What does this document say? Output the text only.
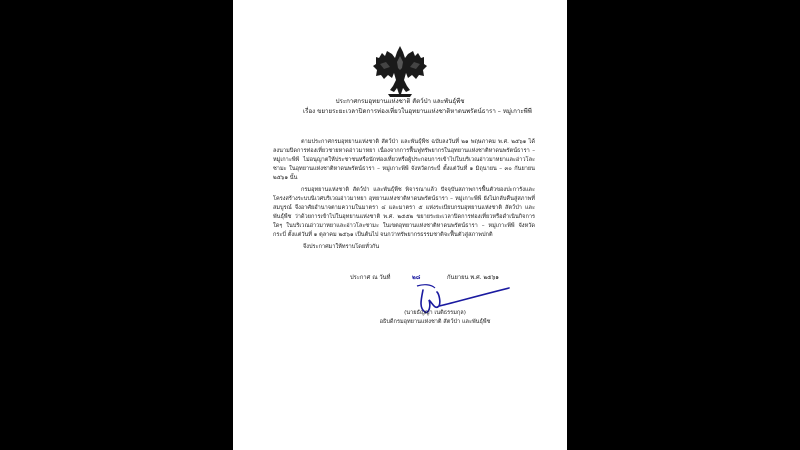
ประกาศกรมอุทยานแห่งชาติ สัตว์ป่า และพันธุ์พืช
เรื่อง ขยายระยะเวลาปิดการท่องเที่ยวในอุทยานแห่งชาติหาดนพรัตน์ธารา – หมู่เกาะพีพี

ตามประกาศกรมอุทยานแห่งชาติ สัตว์ป่า และพันธุ์พืช ฉบับลงวันที่ ๒๑ พฤษภาคม พ.ศ. ๒๕๖๑ ได้ลงนามปิดการท่องเที่ยวชายหาดอ่าวมาหยา เนื่องจากการฟื้นฟูทรัพยากรในอุทยานแห่งชาติหาดนพรัตน์ธารา – หมู่เกาะพีพี ไม่อนุญาตให้ประชาชนหรือนักท่องเที่ยวหรือผู้ประกอบการเข้าไปในบริเวณอ่าวมาหยาและอ่าวโละซามะ ในอุทยานแห่งชาติหาดนพรัตน์ธารา – หมู่เกาะพีพี จังหวัดกระบี่ ตั้งแต่วันที่ ๑ มิถุนายน – ๓๐ กันยายน ๒๕๖๑ นั้น

กรมอุทยานแห่งชาติ สัตว์ป่า และพันธุ์พืช พิจารณาแล้ว ปัจจุบันสภาพการฟื้นตัวของปะการังและโครงสร้างระบบนิเวศบริเวณอ่าวมาหยา อุทยานแห่งชาติหาดนพรัตน์ธารา – หมู่เกาะพีพี ยังไม่กลับคืนสู่สภาพที่สมบูรณ์ จึงอาศัยอำนาจตามความในมาตรา ๔ และมาตรา ๕ แห่งระเบียบกรมอุทยานแห่งชาติ สัตว์ป่า และพันธุ์พืช ว่าด้วยการเข้าไปในอุทยานแห่งชาติ พ.ศ. ๒๕๕๒ ขยายระยะเวลาปิดการท่องเที่ยวหรือดำเนินกิจการใดๆ ในบริเวณอ่าวมาหยาและอ่าวโละซามะ ในเขตอุทยานแห่งชาติหาดนพรัตน์ธารา – หมู่เกาะพีพี จังหวัดกระบี่ ตั้งแต่วันที่ ๑ ตุลาคม ๒๕๖๑ เป็นต้นไป จนกว่าทรัพยากรธรรมชาติจะฟื้นตัวสู่สภาพปกติ

จึงประกาศมาให้ทราบโดยทั่วกัน

ประกาศ ณ วันที่	๒๘	กันยายน พ.ศ. ๒๕๖๑
(นายธัญญา เนติธรรมกุล)
อธิบดีกรมอุทยานแห่งชาติ สัตว์ป่า และพันธุ์พืช
